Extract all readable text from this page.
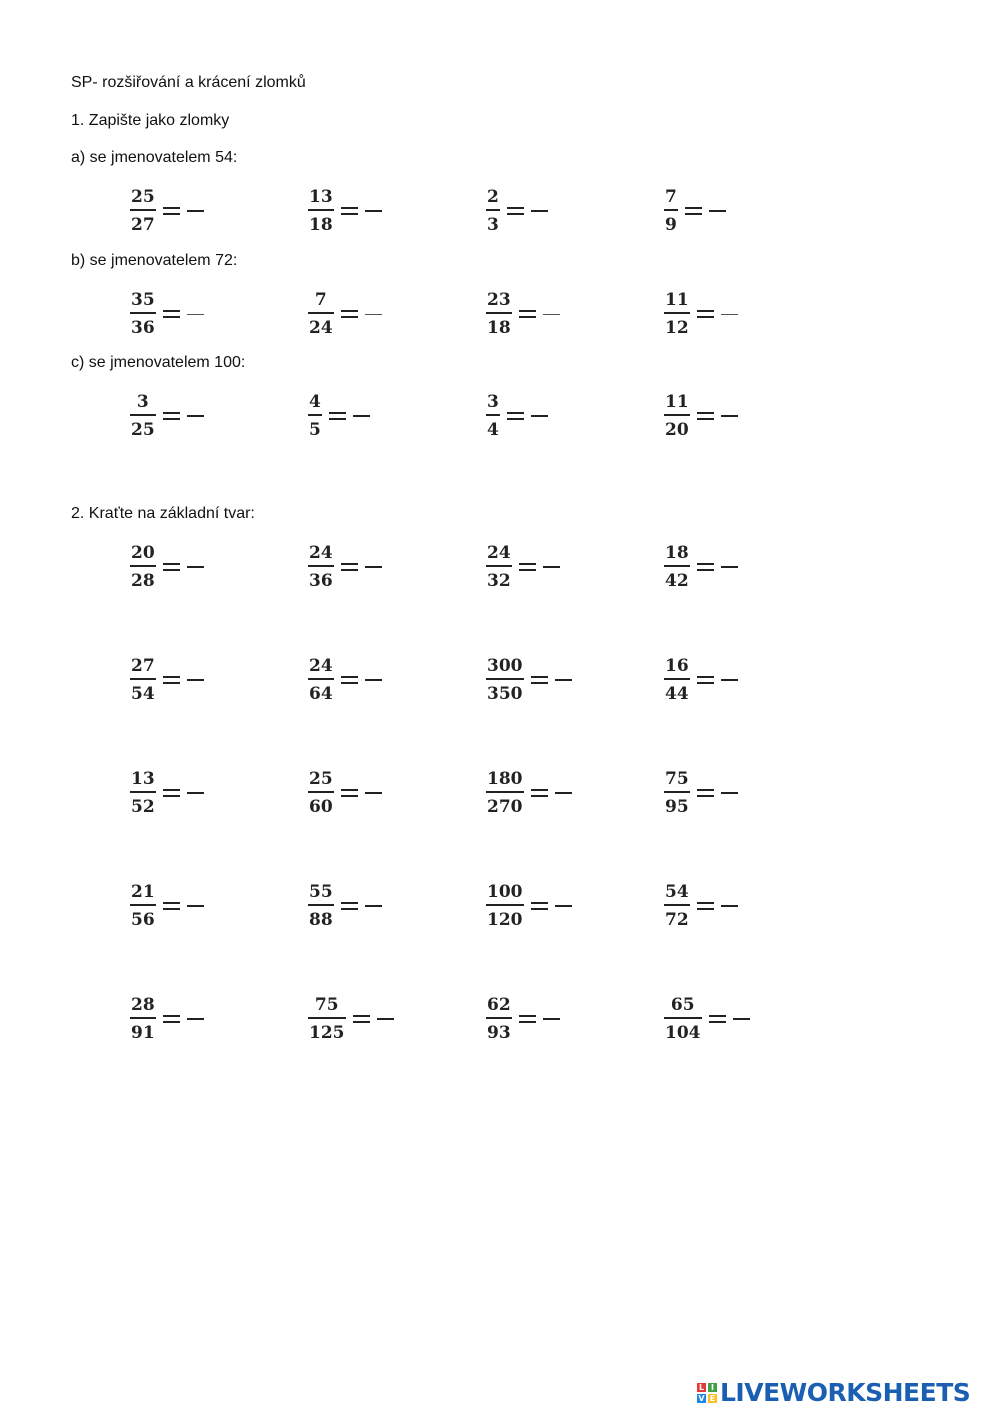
SP- rozšiřování a krácení zlomků
1. Zapište jako zlomky
a) se jmenovatelem 54:
b) se jmenovatelem 72:
c) se jmenovatelem 100:
2. Kraťte na základní tvar:
$\frac{25}{27}$	$\frac{13}{18}$	$\frac{2}{3}$	$\frac{7}{9}$
$\frac{35}{36}$	$\frac{7}{24}$	$\frac{23}{18}$	$\frac{11}{12}$
$\frac{3}{25}$	$\frac{4}{5}$	$\frac{3}{4}$	$\frac{11}{20}$
$\frac{20}{28}$	$\frac{24}{36}$	$\frac{24}{32}$	$\frac{18}{42}$
$\frac{27}{54}$	$\frac{24}{64}$	$\frac{300}{350}$	$\frac{16}{44}$
$\frac{13}{52}$	$\frac{25}{60}$	$\frac{180}{270}$	$\frac{75}{95}$
$\frac{21}{56}$	$\frac{55}{88}$	$\frac{100}{120}$	$\frac{54}{72}$
$\frac{28}{91}$	$\frac{75}{125}$	$\frac{62}{93}$	$\frac{65}{104}$
L I
V E LIVEWORKSHEETS
